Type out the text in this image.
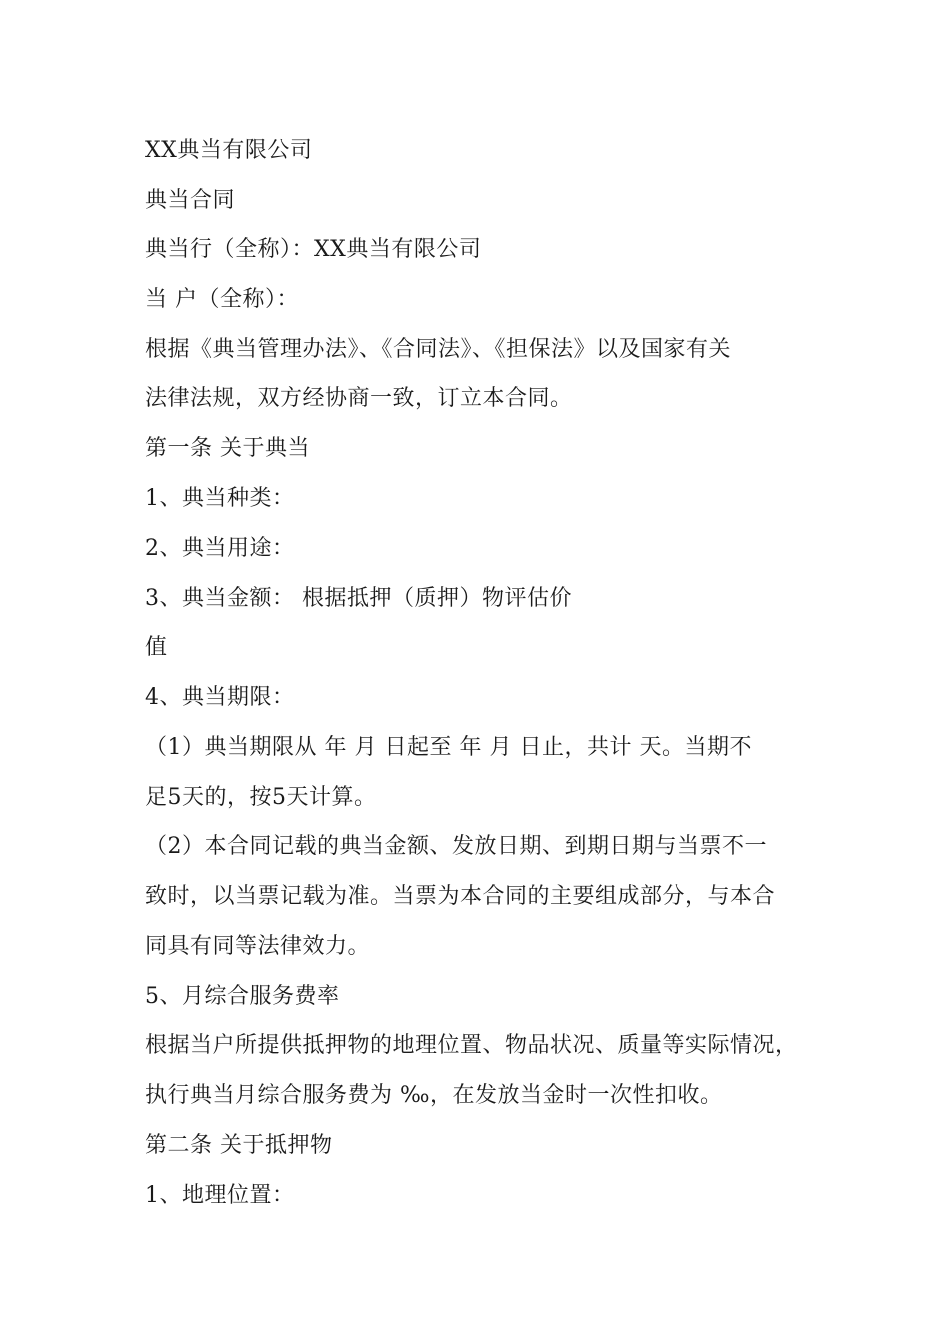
XX典当有限公司

典当合同

典当行（全称）：XX典当有限公司

当 户（全称）：

根据《典当管理办法》、《合同法》、《担保法》以及国家有关

法律法规，双方经协商一致，订立本合同。

第一条 关于典当

1、典当种类：

2、典当用途：

3、典当金额： 根据抵押（质押）物评估价

值

4、典当期限：

（1）典当期限从 年 月 日起至 年 月 日止，共计 天。当期不

足5天的，按5天计算。

（2）本合同记载的典当金额、发放日期、到期日期与当票不一

致时，以当票记载为准。当票为本合同的主要组成部分，与本合

同具有同等法律效力。

5、月综合服务费率

根据当户所提供抵押物的地理位置、物品状况、质量等实际情况，

执行典当月综合服务费为 ‰，在发放当金时一次性扣收。

第二条 关于抵押物

1、地理位置：
